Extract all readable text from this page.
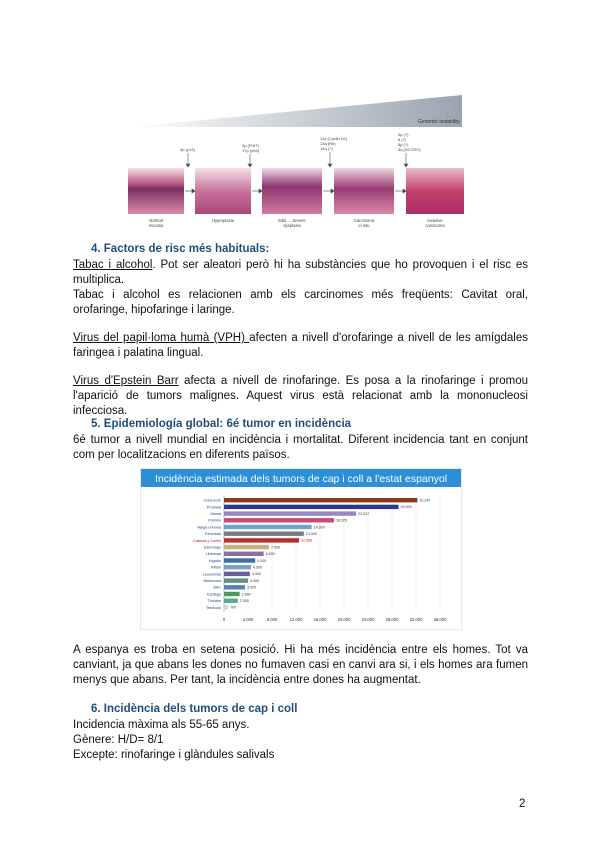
Genomic instability
3p (p14)
3p (FHIT)
17p (p53)
11q (Cyclin D1)
13q (Rb)
14q (?)
4p (?)
6 (?)
8p (?)
3q (SCCRO)
Normal
mucosa
Hyperplasia	Mild → Severe
dysplasia
Carcinoma
in situ
Invasive
carcinoma
4. Factors de risc més habituals:
Tabac i alcohol. Pot ser aleatori però hi ha substàncies que ho provoquen i el risc es multiplica.
Tabac i alcohol es relacionen amb els carcinomes més freqüents: Cavitat oral, orofaringe, hipofaringe i laringe.
Virus del papil·loma humà (VPH) afecten a nivell d'orofaringe a nivell de les amígdales faringea i palatina lingual.
Virus d'Epstein Barr afecta a nivell de rinofaringe. Es posa a la rinofaringe i promou l'aparició de tumors malignes. Aquest virus està relacionat amb la mononucleosi infecciosa.
5. Epidemiología global: 6é tumor en incidència
6é tumor a nivell mundial en incidència i mortalitat. Diferent incidencia tant en conjunt com per localitzacions en diferents països.
Incidència estimada dels tumors de cap i coll a l'estat espanyol
0	4.000	8.000	12.000	16.000	20.000	24.000	28.000	32.000	36.000
Colorrecto	32.240
Próstata	29.093
Mama	22.027
Pulmón	18.325
Vejiga urinaria	14.600
Páncreas	13.300
Cabeza y Cuello	12.508
Estómago	7.500
Linfomas	6.600
Hígado	5.200
Riñón	4.500
Leucemias	4.300
Melanoma	4.000
SNC	3.500
Esófago	2.600
Tiroides	2.300
Testículo	700
A espanya es troba en setena posició. Hi ha més incidència entre els homes. Tot va canviant, ja que abans les dones no fumaven casi en canvi ara si, i els homes ara fumen menys que abans. Per tant, la incidència entre dones ha augmentat.
6. Incidència dels tumors de cap i coll
Incidencia màxima als 55-65 anys.
Gènere: H/D= 8/1
Excepte: rinofaringe i glàndules salivals
2
